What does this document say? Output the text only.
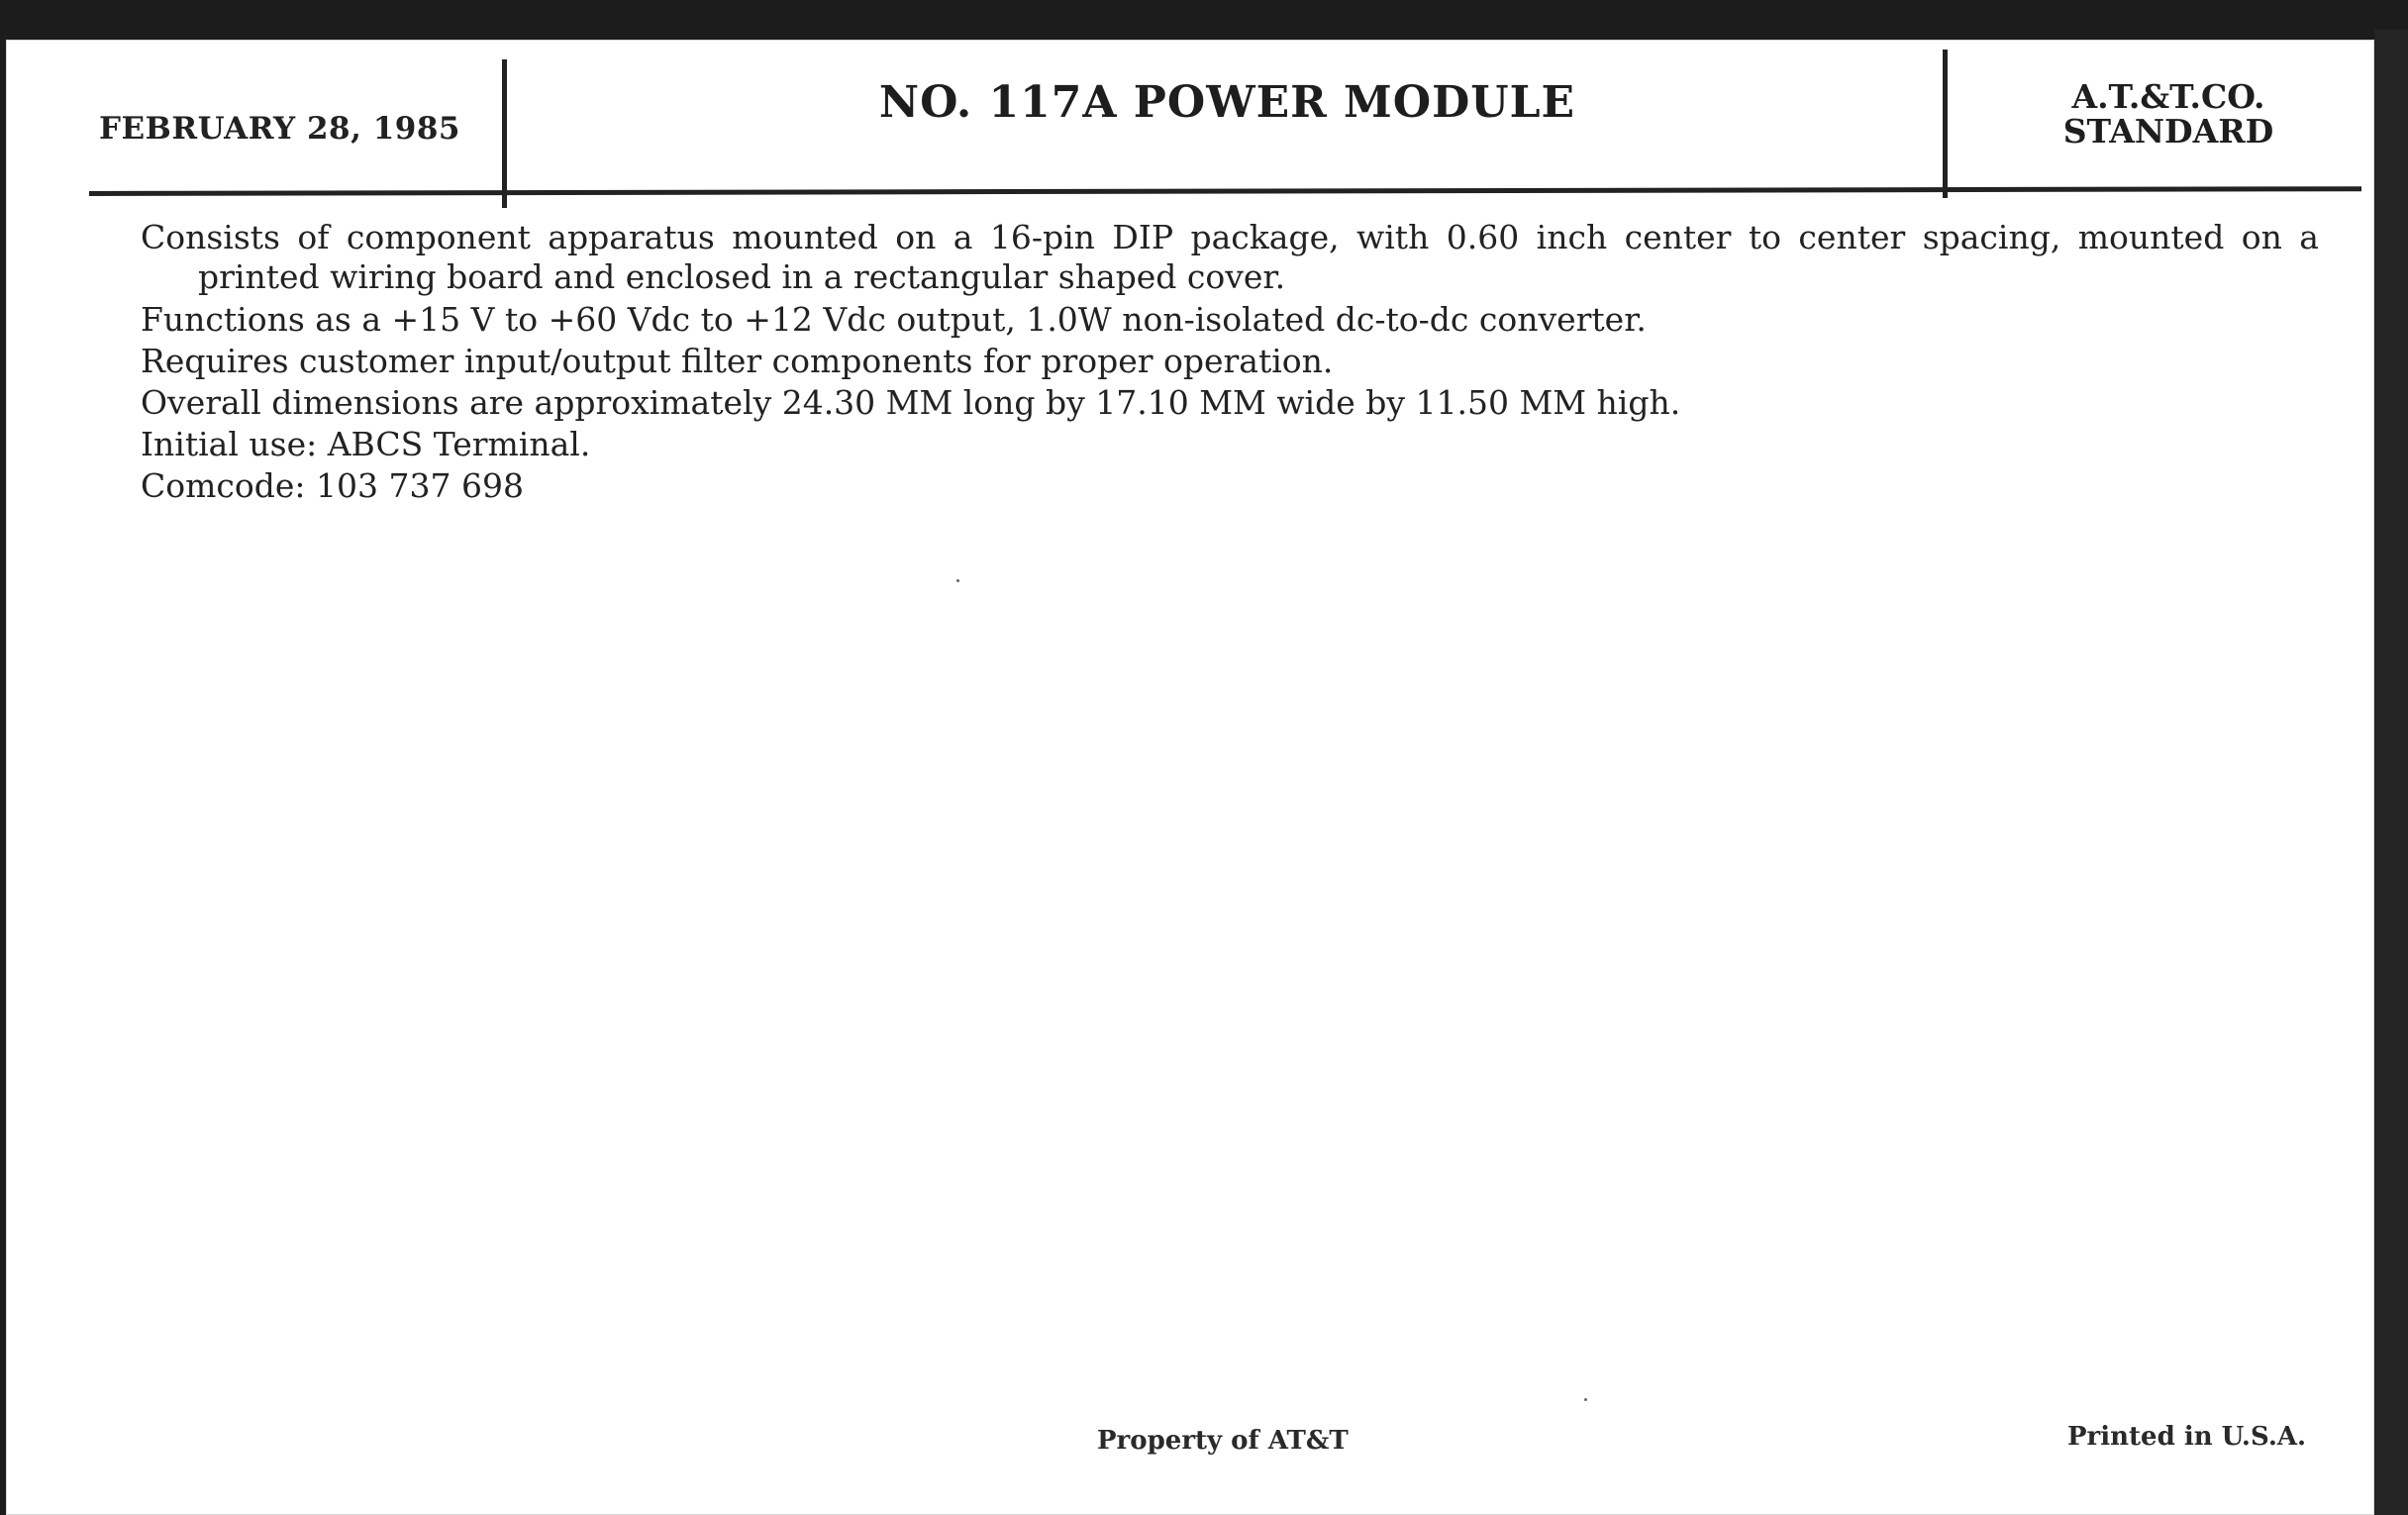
FEBRUARY 28, 1985
NO. 117A POWER MODULE	A.T.&T.CO.
STANDARD

Consists of component apparatus mounted on a 16-pin DIP package, with 0.60 inch center to center spacing, mounted on a printed wiring board and enclosed in a rectangular shaped cover.

Functions as a +15 V to +60 Vdc to +12 Vdc output, 1.0W non-isolated dc-to-dc converter.

Requires customer input/output filter components for proper operation.

Overall dimensions are approximately 24.30 MM long by 17.10 MM wide by 11.50 MM high.

Initial use: ABCS Terminal.

Comcode: 103 737 698

Property of AT&T	Printed in U.S.A.
